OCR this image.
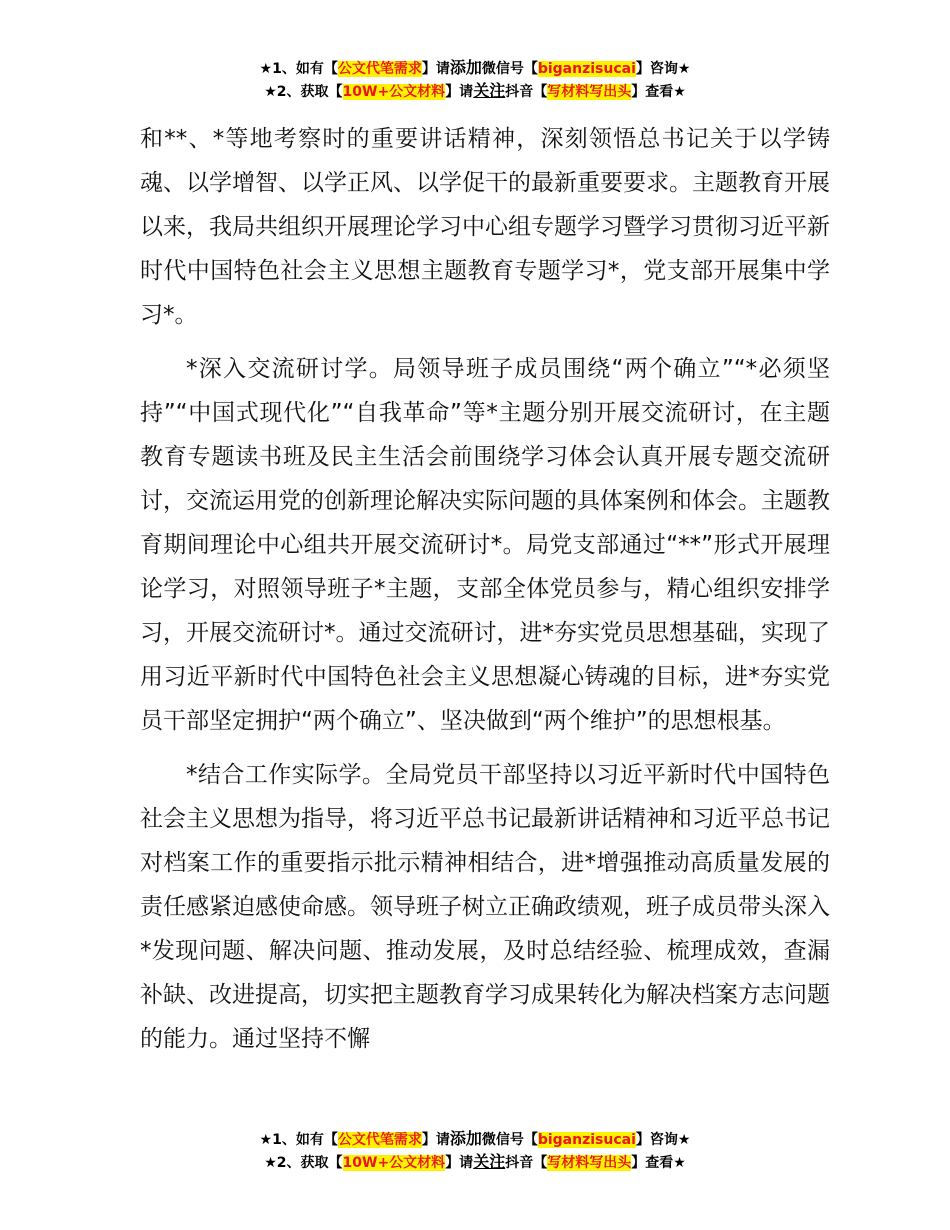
★1、如有【公文代笔需求】请添加微信号【biganzisucai】咨询★
★2、获取【10W+公文材料】请关注抖音【写材料写出头】查看★

和**、*等地考察时的重要讲话精神，深刻领悟总书记关于以学铸魂、以学增智、以学正风、以学促干的最新重要要求。主题教育开展以来，我局共组织开展理论学习中心组专题学习暨学习贯彻习近平新时代中国特色社会主义思想主题教育专题学习*，党支部开展集中学习*。

*深入交流研讨学。局领导班子成员围绕“两个确立”“*必须坚持”“中国式现代化”“自我革命”等*主题分别开展交流研讨，在主题教育专题读书班及民主生活会前围绕学习体会认真开展专题交流研讨，交流运用党的创新理论解决实际问题的具体案例和体会。主题教育期间理论中心组共开展交流研讨*。局党支部通过“**”形式开展理论学习，对照领导班子*主题，支部全体党员参与，精心组织安排学习，开展交流研讨*。通过交流研讨，进*夯实党员思想基础，实现了用习近平新时代中国特色社会主义思想凝心铸魂的目标，进*夯实党员干部坚定拥护“两个确立”、坚决做到“两个维护”的思想根基。

*结合工作实际学。全局党员干部坚持以习近平新时代中国特色社会主义思想为指导，将习近平总书记最新讲话精神和习近平总书记对档案工作的重要指示批示精神相结合，进*增强推动高质量发展的责任感紧迫感使命感。领导班子树立正确政绩观，班子成员带头深入*发现问题、解决问题、推动发展，及时总结经验、梳理成效，查漏补缺、改进提高，切实把主题教育学习成果转化为解决档案方志问题的能力。通过坚持不懈

★1、如有【公文代笔需求】请添加微信号【biganzisucai】咨询★
★2、获取【10W+公文材料】请关注抖音【写材料写出头】查看★
